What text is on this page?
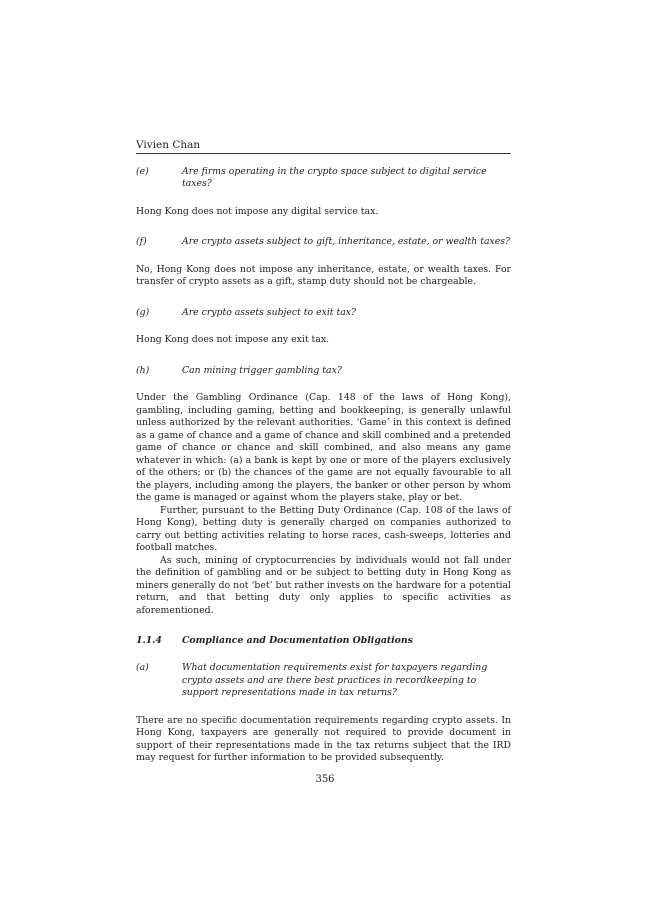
Vivien Chan
(e)	Are firms operating in the crypto space subject to digital service taxes?

Hong Kong does not impose any digital service tax.

(f)	Are crypto assets subject to gift, inheritance, estate, or wealth taxes?

No, Hong Kong does not impose any inheritance, estate, or wealth taxes. For transfer of crypto assets as a gift, stamp duty should not be chargeable.

(g)	Are crypto assets subject to exit tax?

Hong Kong does not impose any exit tax.

(h)	Can mining trigger gambling tax?

Under the Gambling Ordinance (Cap. 148 of the laws of Hong Kong), gambling, including gaming, betting and bookkeeping, is generally unlawful unless authorized by the relevant authorities. ‘Game’ in this context is defined as a game of chance and a game of chance and skill combined and a pretended game of chance or chance and skill combined, and also means any game whatever in which: (a) a bank is kept by one or more of the players exclusively of the others; or (b) the chances of the game are not equally favourable to all the players, including among the players, the banker or other person by whom the game is managed or against whom the players stake, play or bet.

Further, pursuant to the Betting Duty Ordinance (Cap. 108 of the laws of Hong Kong), betting duty is generally charged on companies authorized to carry out betting activities relating to horse races, cash-sweeps, lotteries and football matches.

As such, mining of cryptocurrencies by individuals would not fall under the definition of gambling and or be subject to betting duty in Hong Kong as miners generally do not ‘bet’ but rather invests on the hardware for a potential return, and that betting duty only applies to specific activities as aforementioned.

1.1.4	Compliance and Documentation Obligations
(a)	What documentation requirements exist for taxpayers regarding crypto assets and are there best practices in recordkeeping to support representations made in tax returns?

There are no specific documentation requirements regarding crypto assets. In Hong Kong, taxpayers are generally not required to provide document in support of their representations made in the tax returns subject that the IRD may request for further information to be provided subsequently.

356
